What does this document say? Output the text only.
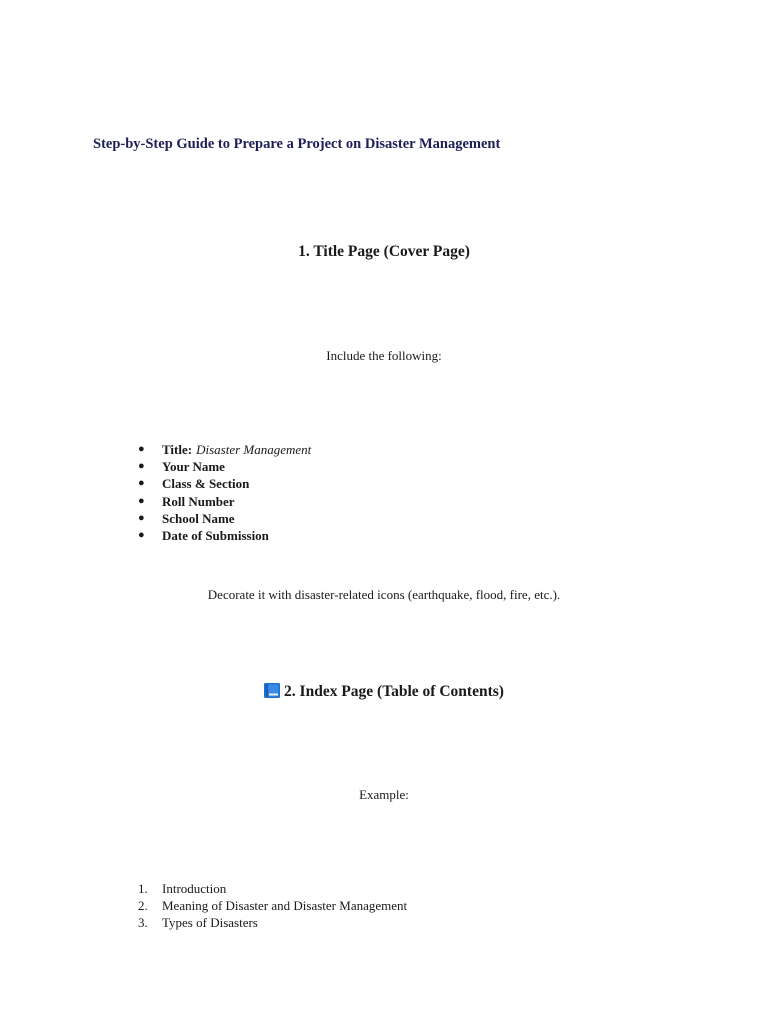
Step-by-Step Guide to Prepare a Project on Disaster Management
1. Title Page (Cover Page)

Include the following:

●	Title: Disaster Management
●	Your Name
●	Class & Section
●	Roll Number
●	School Name
●	Date of Submission

Decorate it with disaster-related icons (earthquake, flood, fire, etc.).

2. Index Page (Table of Contents)

Example:

1.	Introduction
2.	Meaning of Disaster and Disaster Management
3.	Types of Disasters
